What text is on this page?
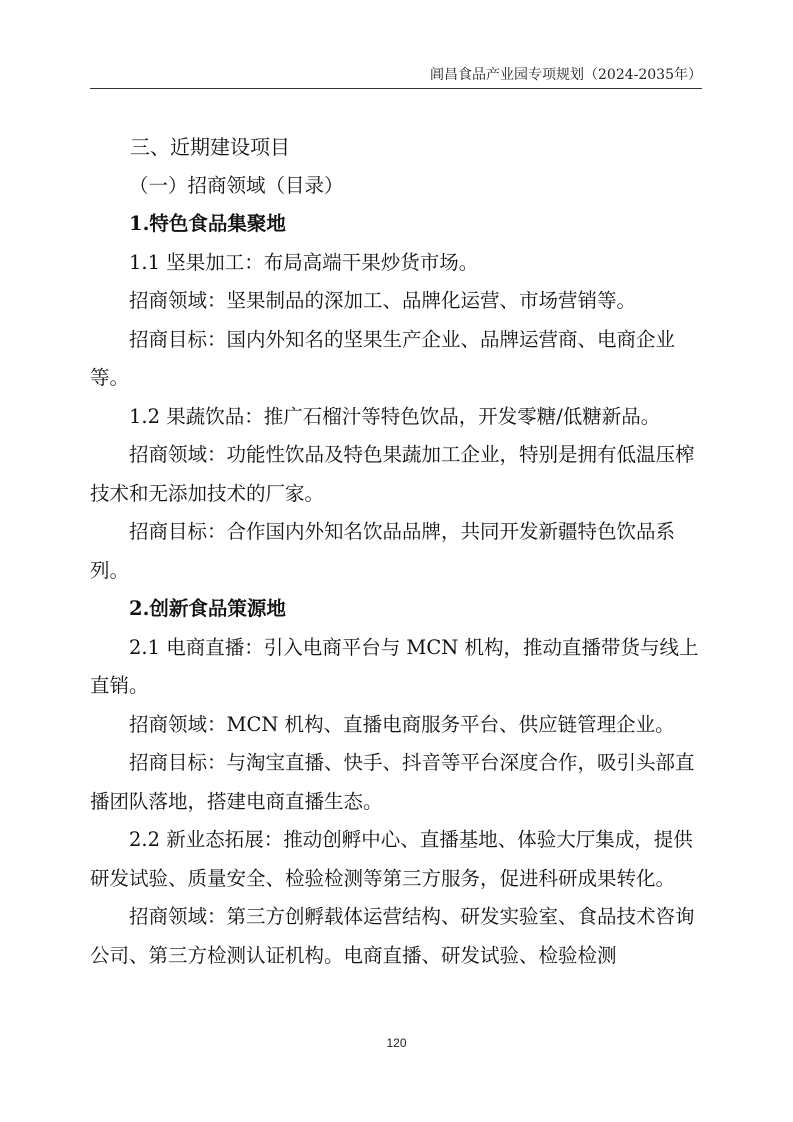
阊昌食品产业园专项规划（2024-2035年）

三、近期建设项目

（一）招商领域（目录）

1.特色食品集聚地

1.1 坚果加工：布局高端干果炒货市场。

招商领域：坚果制品的深加工、品牌化运营、市场营销等。

招商目标：国内外知名的坚果生产企业、品牌运营商、电商企业等。

1.2 果蔬饮品：推广石榴汁等特色饮品，开发零糖/低糖新品。

招商领域：功能性饮品及特色果蔬加工企业，特别是拥有低温压榨技术和无添加技术的厂家。

招商目标：合作国内外知名饮品品牌，共同开发新疆特色饮品系列。

2.创新食品策源地

2.1 电商直播：引入电商平台与 MCN 机构，推动直播带货与线上直销。

招商领域：MCN 机构、直播电商服务平台、供应链管理企业。

招商目标：与淘宝直播、快手、抖音等平台深度合作，吸引头部直播团队落地，搭建电商直播生态。

2.2 新业态拓展：推动创孵中心、直播基地、体验大厅集成，提供研发试验、质量安全、检验检测等第三方服务，促进科研成果转化。

招商领域：第三方创孵载体运营结构、研发实验室、食品技术咨询公司、第三方检测认证机构。电商直播、研发试验、检验检测

120
